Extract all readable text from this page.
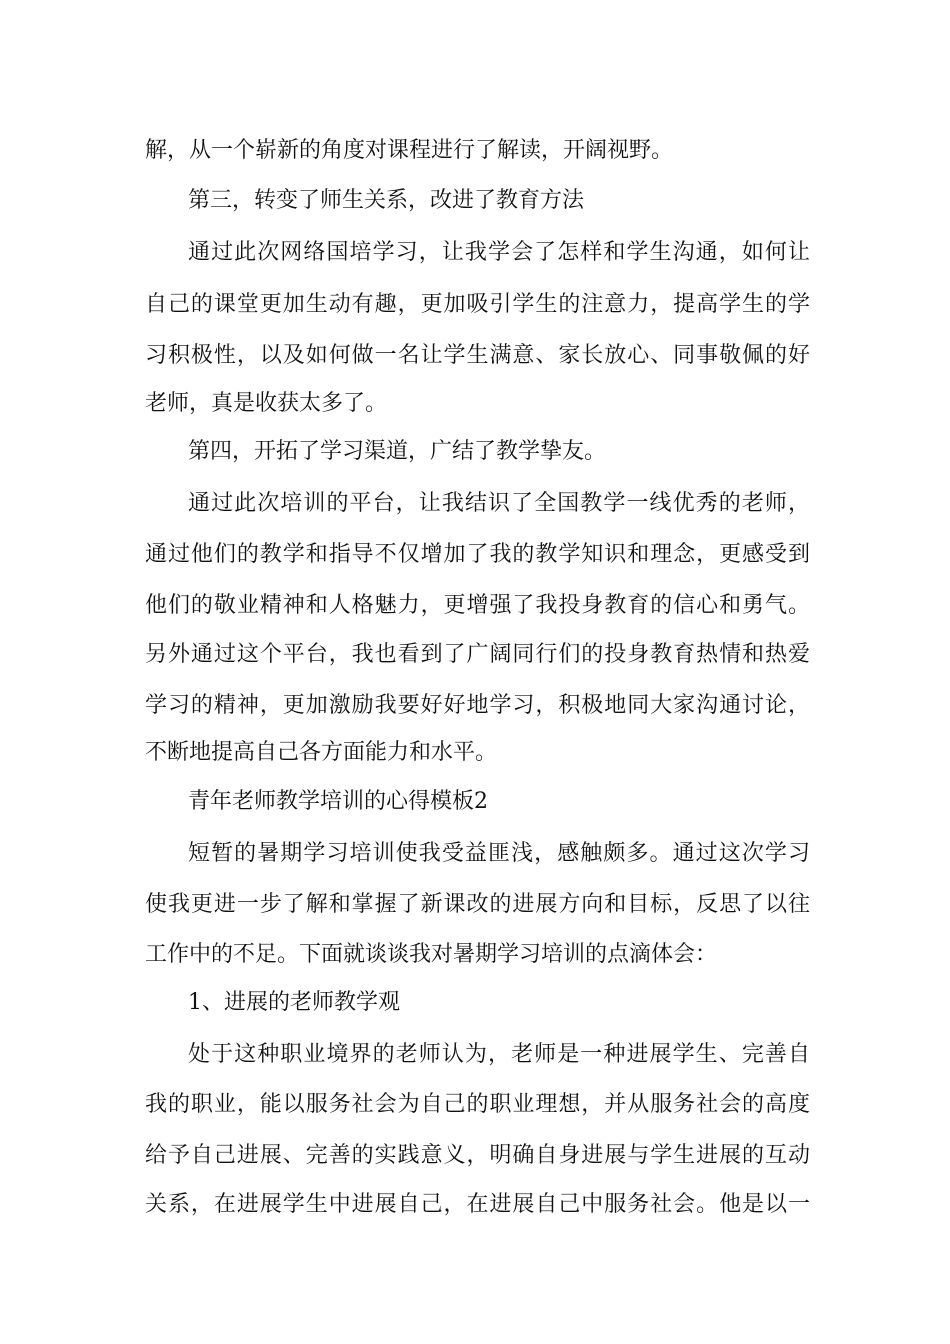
解，从一个崭新的角度对课程进行了解读，开阔视野。
第三，转变了师生关系，改进了教育方法
通过此次网络国培学习，让我学会了怎样和学生沟通，如何让
自己的课堂更加生动有趣，更加吸引学生的注意力，提高学生的学
习积极性，以及如何做一名让学生满意、家长放心、同事敬佩的好
老师，真是收获太多了。
第四，开拓了学习渠道，广结了教学挚友。
通过此次培训的平台，让我结识了全国教学一线优秀的老师，
通过他们的教学和指导不仅增加了我的教学知识和理念，更感受到
他们的敬业精神和人格魅力，更增强了我投身教育的信心和勇气。
另外通过这个平台，我也看到了广阔同行们的投身教育热情和热爱
学习的精神，更加激励我要好好地学习，积极地同大家沟通讨论，
不断地提高自己各方面能力和水平。
青年老师教学培训的心得模板2
短暂的暑期学习培训使我受益匪浅，感触颇多。通过这次学习
使我更进一步了解和掌握了新课改的进展方向和目标，反思了以往
工作中的不足。下面就谈谈我对暑期学习培训的点滴体会：
1、进展的老师教学观
处于这种职业境界的老师认为，老师是一种进展学生、完善自
我的职业，能以服务社会为自己的职业理想，并从服务社会的高度
给予自己进展、完善的实践意义，明确自身进展与学生进展的互动
关系，在进展学生中进展自己，在进展自己中服务社会。他是以一
